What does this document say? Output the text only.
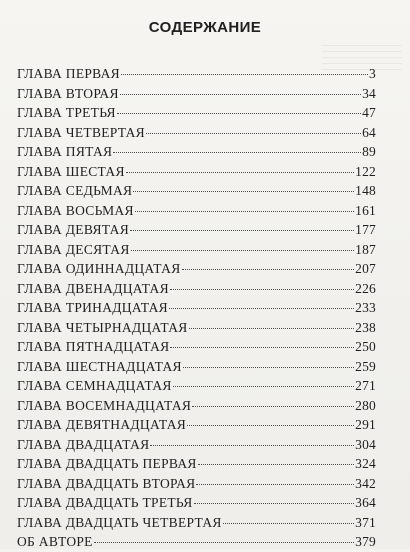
СОДЕРЖАНИЕ
ГЛАВА ПЕРВАЯ	3
ГЛАВА ВТОРАЯ	34
ГЛАВА ТРЕТЬЯ	47
ГЛАВА ЧЕТВЕРТАЯ	64
ГЛАВА ПЯТАЯ	89
ГЛАВА ШЕСТАЯ	122
ГЛАВА СЕДЬМАЯ	148
ГЛАВА ВОСЬМАЯ	161
ГЛАВА ДЕВЯТАЯ	177
ГЛАВА ДЕСЯТАЯ	187
ГЛАВА ОДИННАДЦАТАЯ	207
ГЛАВА ДВЕНАДЦАТАЯ	226
ГЛАВА ТРИНАДЦАТАЯ	233
ГЛАВА ЧЕТЫРНАДЦАТАЯ	238
ГЛАВА ПЯТНАДЦАТАЯ	250
ГЛАВА ШЕСТНАДЦАТАЯ	259
ГЛАВА СЕМНАДЦАТАЯ	271
ГЛАВА ВОСЕМНАДЦАТАЯ	280
ГЛАВА ДЕВЯТНАДЦАТАЯ	291
ГЛАВА ДВАДЦАТАЯ	304
ГЛАВА ДВАДЦАТЬ ПЕРВАЯ	324
ГЛАВА ДВАДЦАТЬ ВТОРАЯ	342
ГЛАВА ДВАДЦАТЬ ТРЕТЬЯ	364
ГЛАВА ДВАДЦАТЬ ЧЕТВЕРТАЯ	371
ОБ АВТОРЕ	379
